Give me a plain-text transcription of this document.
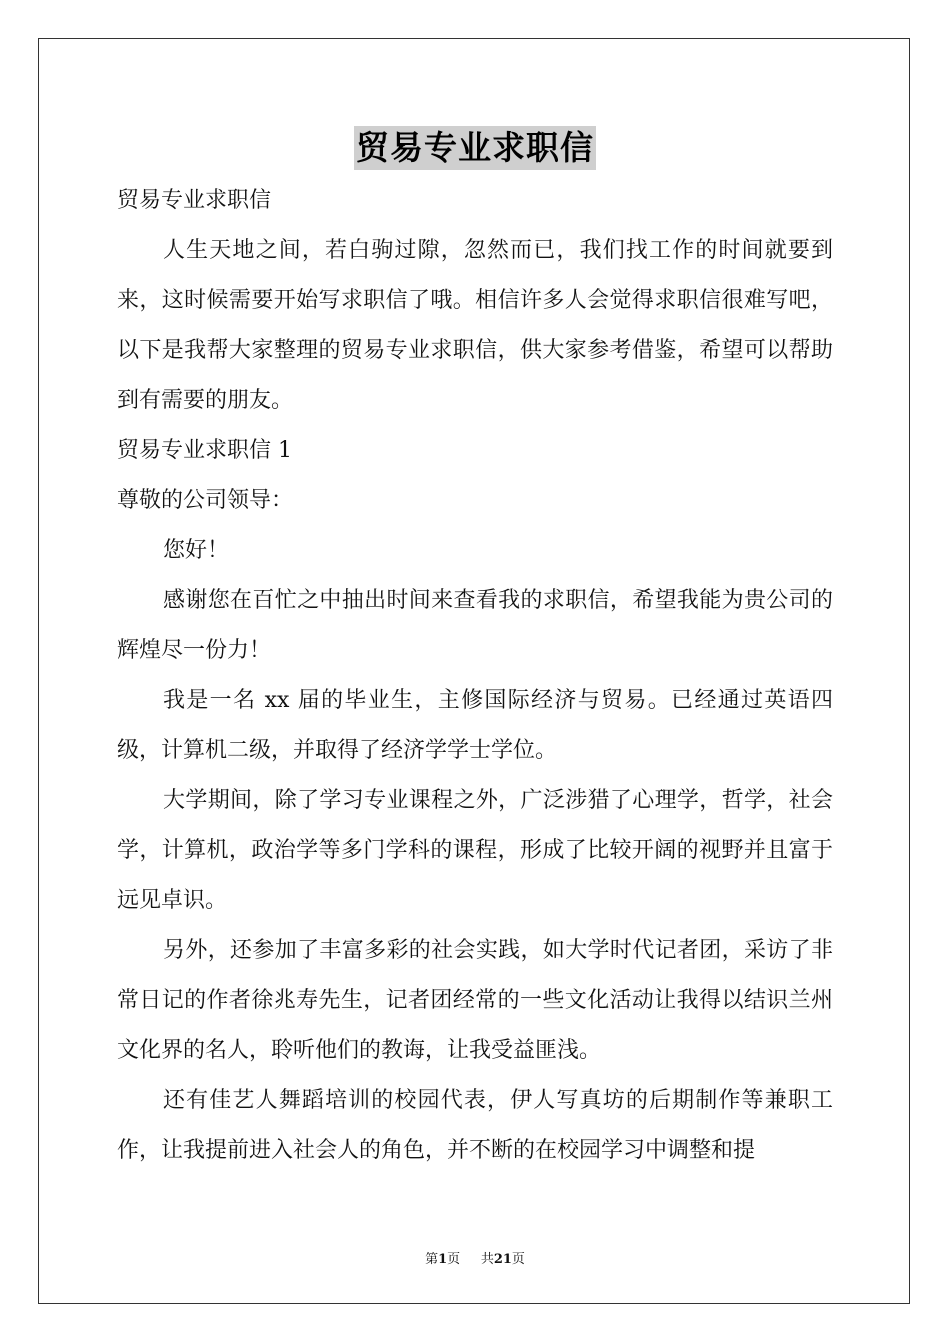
贸易专业求职信

贸易专业求职信

人生天地之间，若白驹过隙，忽然而已，我们找工作的时间就要到来，这时候需要开始写求职信了哦。相信许多人会觉得求职信很难写吧，以下是我帮大家整理的贸易专业求职信，供大家参考借鉴，希望可以帮助到有需要的朋友。

贸易专业求职信 1

尊敬的公司领导：

您好！

感谢您在百忙之中抽出时间来查看我的求职信，希望我能为贵公司的辉煌尽一份力！

我是一名 xx 届的毕业生，主修国际经济与贸易。已经通过英语四级，计算机二级，并取得了经济学学士学位。

大学期间，除了学习专业课程之外，广泛涉猎了心理学，哲学，社会学，计算机，政治学等多门学科的课程，形成了比较开阔的视野并且富于远见卓识。

另外，还参加了丰富多彩的社会实践，如大学时代记者团，采访了非常日记的作者徐兆寿先生，记者团经常的一些文化活动让我得以结识兰州文化界的名人，聆听他们的教诲，让我受益匪浅。

还有佳艺人舞蹈培训的校园代表，伊人写真坊的后期制作等兼职工作，让我提前进入社会人的角色，并不断的在校园学习中调整和提

第1页 共21页
